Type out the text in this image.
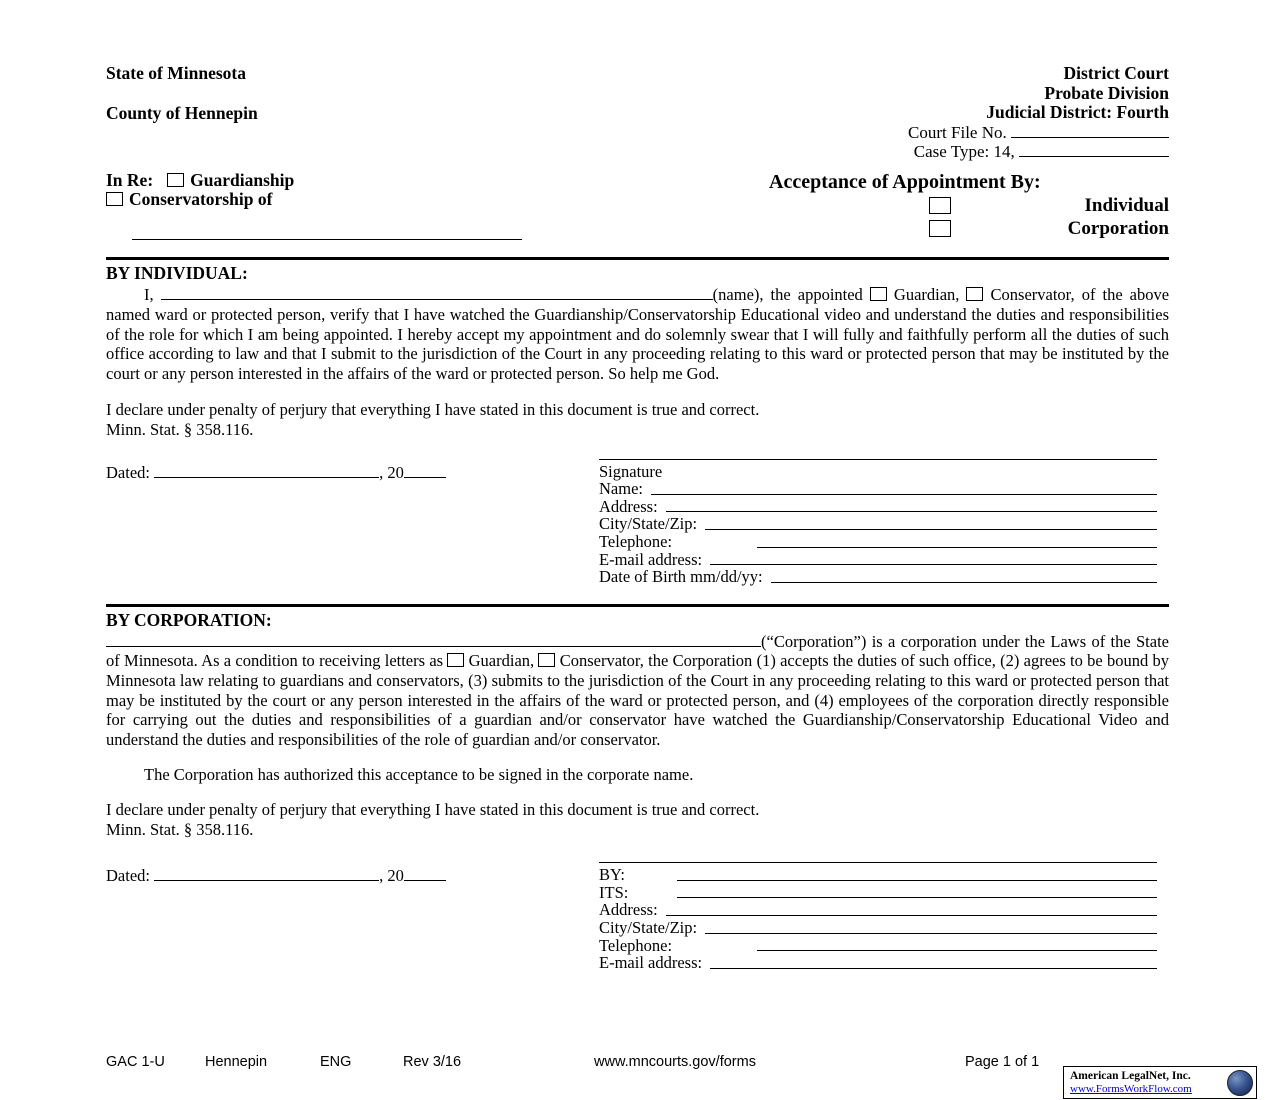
State of Minnesota
County of Hennepin
District Court
Probate Division
Judicial District: Fourth
Court File No.
Case Type: 14,
In Re: Guardianship
Conservatorship of
Acceptance of Appointment By:
Individual
Corporation
BY INDIVIDUAL:

I,	(name), the appointed Guardian, Conservator, of the above named ward or protected person, verify that I have watched the Guardianship/Conservatorship Educational video and understand the duties and responsibilities of the role for which I am being appointed. I hereby accept my appointment and do solemnly swear that I will fully and faithfully perform all the duties of such office according to law and that I submit to the jurisdiction of the Court in any proceeding relating to this ward or protected person that may be instituted by the court or any person interested in the affairs of the ward or protected person. So help me God.

I declare under penalty of perjury that everything I have stated in this document is true and correct.
Minn. Stat. § 358.116.

Dated:	, 20	Signature
Name:
Address:
City/State/Zip:
Telephone:
E-mail address:
Date of Birth mm/dd/yy:
BY CORPORATION:

(“Corporation”) is a corporation under the Laws of the State of Minnesota. As a condition to receiving letters as Guardian, Conservator, the Corporation (1) accepts the duties of such office, (2) agrees to be bound by Minnesota law relating to guardians and conservators, (3) submits to the jurisdiction of the Court in any proceeding relating to this ward or protected person that may be instituted by the court or any person interested in the affairs of the ward or protected person, and (4) employees of the corporation directly responsible for carrying out the duties and responsibilities of a guardian and/or conservator have watched the Guardianship/Conservatorship Educational Video and understand the duties and responsibilities of the role of guardian and/or conservator.

The Corporation has authorized this acceptance to be signed in the corporate name.

I declare under penalty of perjury that everything I have stated in this document is true and correct.
Minn. Stat. § 358.116.

Dated:	, 20	BY:
ITS:
Address:
City/State/Zip:
Telephone:
E-mail address:
GAC 1-U	Hennepin	ENG	Rev 3/16	www.mncourts.gov/forms	Page 1 of 1
American LegalNet, Inc.
www.FormsWorkFlow.com
